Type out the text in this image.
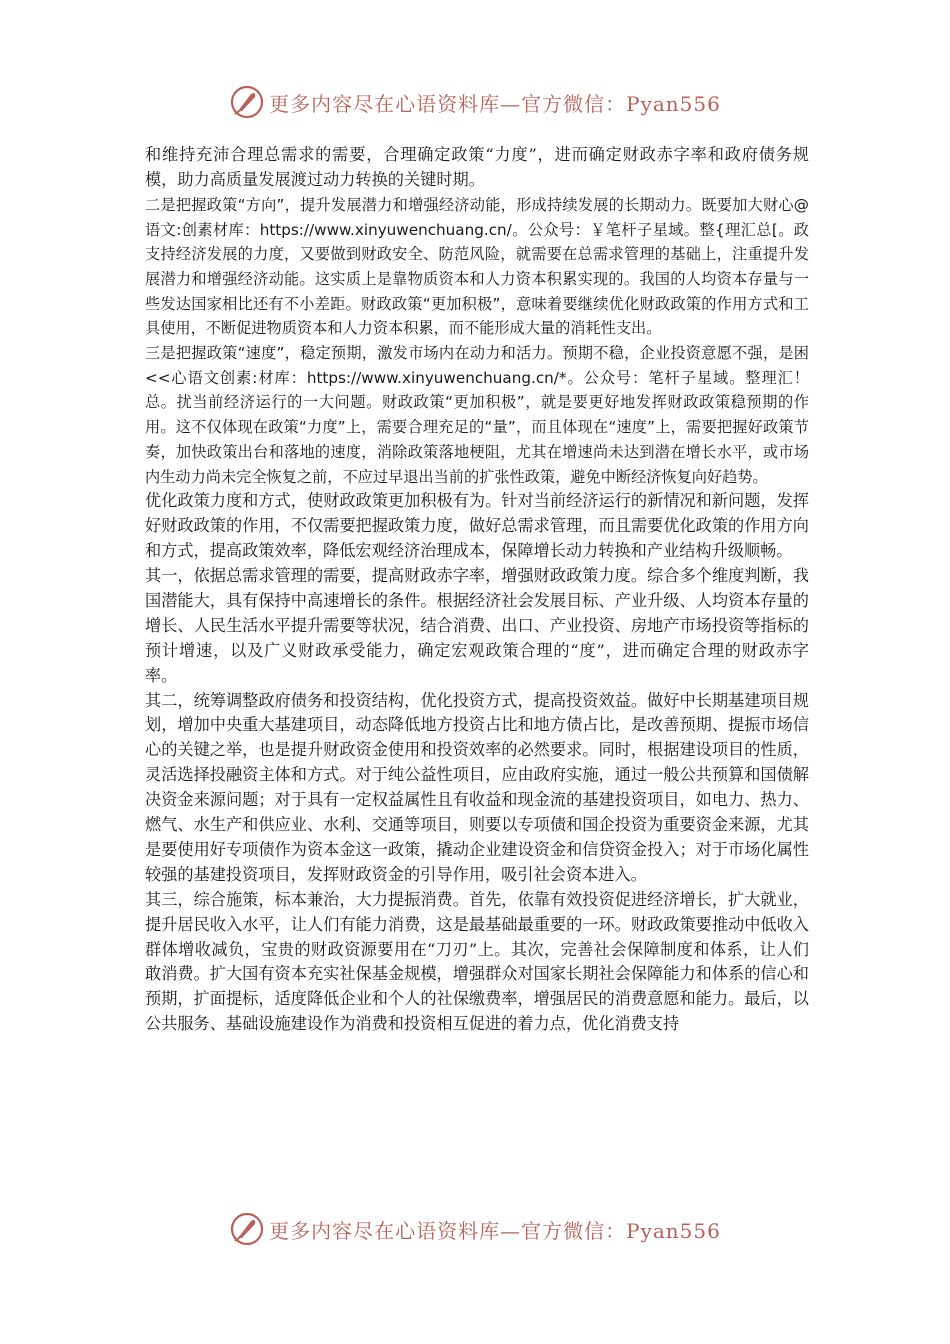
更多内容尽在心语资料库—官方微信：Pyan556

和维持充沛合理总需求的需要，合理确定政策“力度”，进而确定财政赤字率和政府债务规模，助力高质量发展渡过动力转换的关键时期。

二是把握政策“方向”，提升发展潜力和增强经济动能，形成持续发展的长期动力。既要加大财心@语文:创素材库：https://www.xinyuwenchuang.cn/。公众号：￥笔杆子星域。整{理汇总[。政支持经济发展的力度，又要做到财政安全、防范风险，就需要在总需求管理的基础上，注重提升发展潜力和增强经济动能。这实质上是靠物质资本和人力资本积累实现的。我国的人均资本存量与一些发达国家相比还有不小差距。财政政策“更加积极”，意味着要继续优化财政政策的作用方式和工具使用，不断促进物质资本和人力资本积累，而不能形成大量的消耗性支出。

三是把握政策“速度”，稳定预期，激发市场内在动力和活力。预期不稳，企业投资意愿不强，是困<<心语文创素:材库：https://www.xinyuwenchuang.cn/*。公众号：笔杆子星域。整理汇！总。扰当前经济运行的一大问题。财政政策“更加积极”，就是要更好地发挥财政政策稳预期的作用。这不仅体现在政策“力度”上，需要合理充足的“量”，而且体现在“速度”上，需要把握好政策节奏，加快政策出台和落地的速度，消除政策落地梗阻，尤其在增速尚未达到潜在增长水平，或市场内生动力尚未完全恢复之前，不应过早退出当前的扩张性政策，避免中断经济恢复向好趋势。

优化政策力度和方式，使财政政策更加积极有为。针对当前经济运行的新情况和新问题，发挥好财政政策的作用，不仅需要把握政策力度，做好总需求管理，而且需要优化政策的作用方向和方式，提高政策效率，降低宏观经济治理成本，保障增长动力转换和产业结构升级顺畅。

其一，依据总需求管理的需要，提高财政赤字率，增强财政政策力度。综合多个维度判断，我国潜能大，具有保持中高速增长的条件。根据经济社会发展目标、产业升级、人均资本存量的增长、人民生活水平提升需要等状况，结合消费、出口、产业投资、房地产市场投资等指标的预计增速，以及广义财政承受能力，确定宏观政策合理的“度”，进而确定合理的财政赤字率。

其二，统筹调整政府债务和投资结构，优化投资方式，提高投资效益。做好中长期基建项目规划，增加中央重大基建项目，动态降低地方投资占比和地方债占比，是改善预期、提振市场信心的关键之举，也是提升财政资金使用和投资效率的必然要求。同时，根据建设项目的性质，灵活选择投融资主体和方式。对于纯公益性项目，应由政府实施，通过一般公共预算和国债解决资金来源问题；对于具有一定权益属性且有收益和现金流的基建投资项目，如电力、热力、燃气、水生产和供应业、水利、交通等项目，则要以专项债和国企投资为重要资金来源，尤其是要使用好专项债作为资本金这一政策，撬动企业建设资金和信贷资金投入；对于市场化属性较强的基建投资项目，发挥财政资金的引导作用，吸引社会资本进入。

其三，综合施策，标本兼治，大力提振消费。首先，依靠有效投资促进经济增长，扩大就业，提升居民收入水平，让人们有能力消费，这是最基础最重要的一环。财政政策要推动中低收入群体增收减负，宝贵的财政资源要用在“刀刃”上。其次，完善社会保障制度和体系，让人们敢消费。扩大国有资本充实社保基金规模，增强群众对国家长期社会保障能力和体系的信心和预期，扩面提标，适度降低企业和个人的社保缴费率，增强居民的消费意愿和能力。最后，以公共服务、基础设施建设作为消费和投资相互促进的着力点，优化消费支持

更多内容尽在心语资料库—官方微信：Pyan556
